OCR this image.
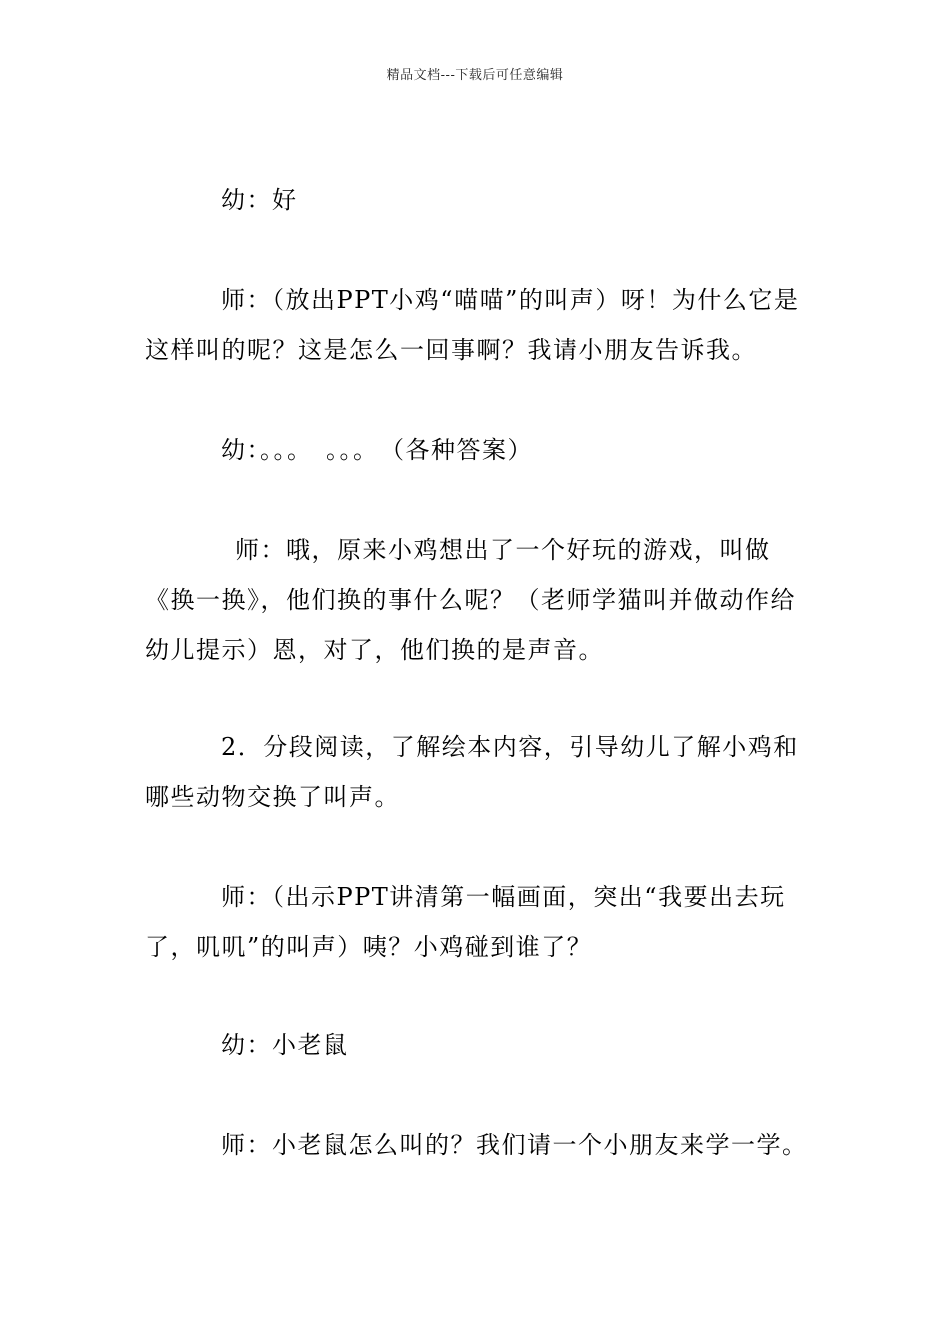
精品文档---下载后可任意编辑
幼：好
师：（放出PPT小鸡“喵喵”的叫声）呀！为什么它是这样叫的呢？这是怎么一回事啊？我请小朋友告诉我。
幼：。。。　。。。　（各种答案）
师：哦，原来小鸡想出了一个好玩的游戏，叫做《换一换》，他们换的事什么呢？（老师学猫叫并做动作给幼儿提示）恩，对了，他们换的是声音。
2．分段阅读，了解绘本内容，引导幼儿了解小鸡和哪些动物交换了叫声。
师：（出示PPT讲清第一幅画面，突出“我要出去玩了，叽叽”的叫声）咦？小鸡碰到谁了？
幼：小老鼠
师：小老鼠怎么叫的？我们请一个小朋友来学一学。
